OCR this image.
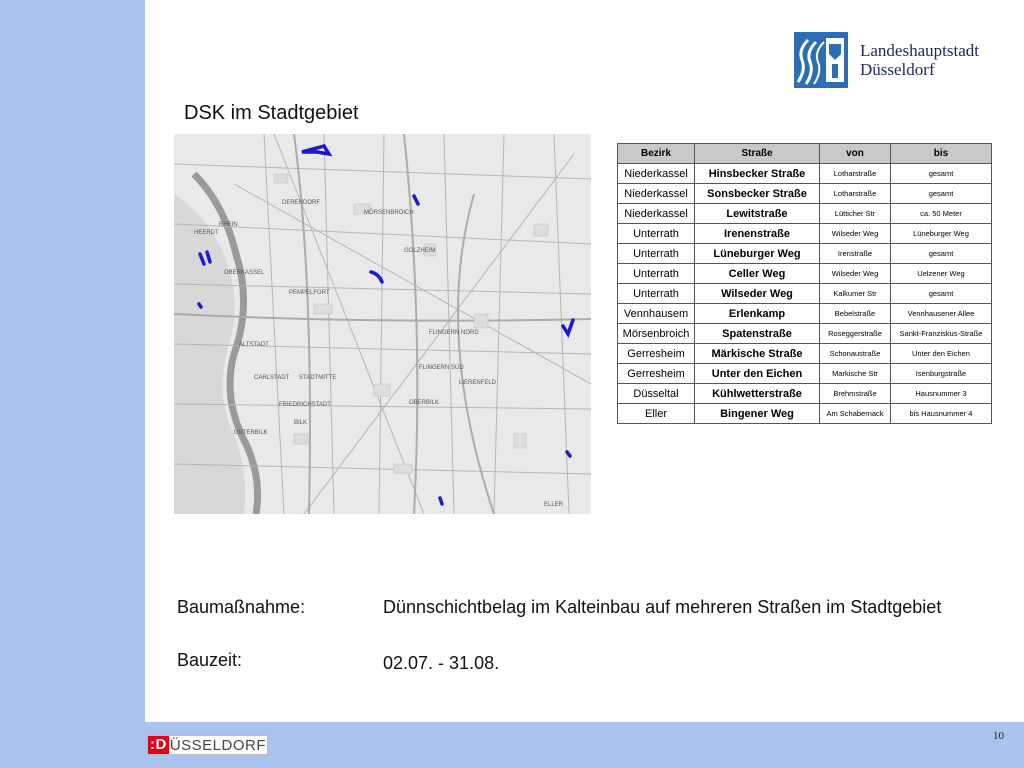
Landeshauptstadt
Düsseldorf
DSK im Stadtgebiet
DERENDORF
MÖRSENBROICH
HEERDT
GOLZHEIM
OBERKASSEL
PEMPELFORT
FLINGERN NORD
ALTSTADT
CARLSTADT STADTMITTE
FLINGERN SÜD
LIERENFELD
BILK
FRIEDRICHSTADT	OBERBILK
UNTERBILK
ELLER
RHEIN
Bezirk	Straße	von	bis
Niederkassel	Hinsbecker Straße	Lotharstraße	gesamt
Niederkassel	Sonsbecker Straße	Lotharstraße	gesamt
Niederkassel	Lewitstraße	Lütticher Str	ca. 50 Meter
Unterrath	Irenenstraße	Wilseder Weg	Lüneburger Weg
Unterrath	Lüneburger Weg	Irenstraße	gesamt
Unterrath	Celler Weg	Wilseder Weg	Uelzener Weg
Unterrath	Wilseder Weg	Kalkumer Str	gesamt
Vennhausem	Erlenkamp	Bebelstraße	Vennhausener Allee
Mörsenbroich	Spatenstraße	Roseggerstraße	Sankt-Franziskus-Straße
Gerresheim	Märkische Straße	Schonaustraße	Unter den Eichen
Gerresheim	Unter den Eichen	Markische Str	Isenburgstraße
Düsseltal	Kühlwetterstraße	Brehmstraße	Hausnummer 3
Eller	Bingener Weg	Am Schabernack	bis Hausnummer 4
Baumaßnahme:	Dünnschichtbelag im Kalteinbau auf mehreren Straßen im Stadtgebiet
Bauzeit:	02.07. - 31.08.
:D ÜSSELDORF
10
